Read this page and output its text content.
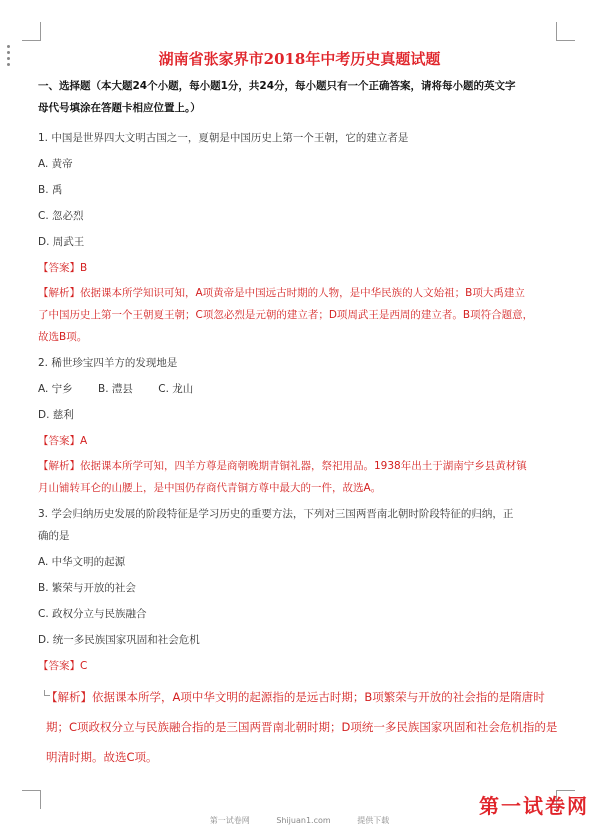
湖南省张家界市2018年中考历史真题试题
一、选择题（本大题24个小题，每小题1分，共24分，每小题只有一个正确答案，请将每小题的英文字
母代号填涂在答题卡相应位置上。）
1. 中国是世界四大文明古国之一，夏朝是中国历史上第一个王朝，它的建立者是
A. 黄帝
B. 禹
C. 忽必烈
D. 周武王
【答案】B
【解析】依据课本所学知识可知，A项黄帝是中国远古时期的人物，是中华民族的人文始祖；B项大禹建立
了中国历史上第一个王朝夏王朝；C项忽必烈是元朝的建立者；D项周武王是西周的建立者。B项符合题意，
故选B项。
2. 稀世珍宝四羊方的发现地是
A. 宁乡 B. 澧县 C. 龙山
D. 慈利
【答案】A
【解析】依据课本所学可知，四羊方尊是商朝晚期青铜礼器，祭祀用品。1938年出土于湖南宁乡县黄材镇
月山铺转耳仑的山腰上，是中国仍存商代青铜方尊中最大的一件，故选A。
3. 学会归纳历史发展的阶段特征是学习历史的重要方法，下列对三国两晋南北朝时阶段特征的归纳，正
确的是
A. 中华文明的起源
B. 繁荣与开放的社会
C. 政权分立与民族融合
D. 统一多民族国家巩固和社会危机
【答案】C
【解析】依据课本所学，A项中华文明的起源指的是远古时期；B项繁荣与开放的社会指的是隋唐时
期；C项政权分立与民族融合指的是三国两晋南北朝时期；D项统一多民族国家巩固和社会危机指的是
明清时期。故选C项。
第一试卷网
第一试卷网	Shijuan1.com	提供下载
